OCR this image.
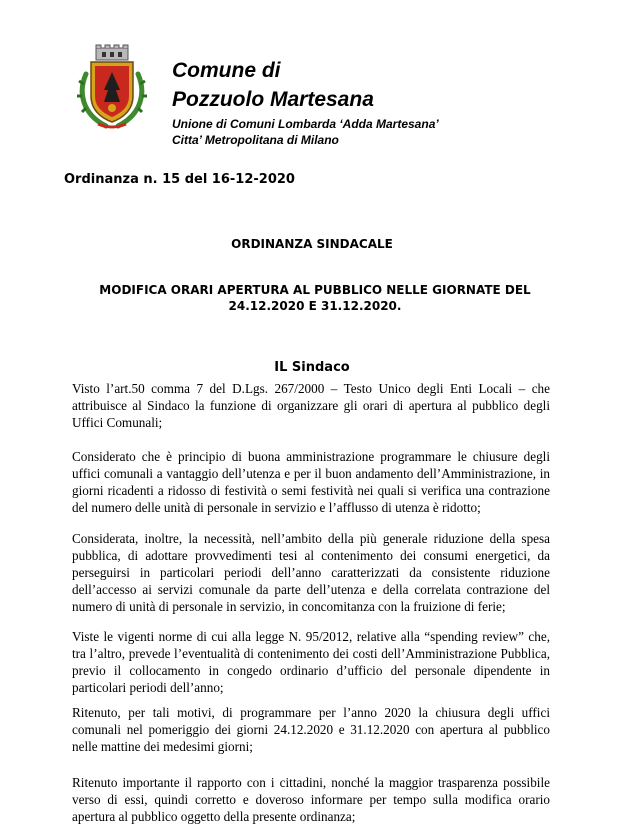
Comune di
Pozzuolo Martesana
Unione di Comuni Lombarda ‘Adda Martesana’
Citta’ Metropolitana di Milano
Ordinanza n. 15 del 16-12-2020
ORDINANZA SINDACALE
MODIFICA ORARI APERTURA AL PUBBLICO NELLE GIORNATE DEL
24.12.2020 E 31.12.2020.
IL Sindaco

Visto l’art.50 comma 7 del D.Lgs. 267/2000 – Testo Unico degli Enti Locali – che attribuisce al Sindaco la funzione di organizzare gli orari di apertura al pubblico degli Uffici Comunali;

Considerato che è principio di buona amministrazione programmare le chiusure degli uffici comunali a vantaggio dell’utenza e per il buon andamento dell’Amministrazione, in giorni ricadenti a ridosso di festività o semi festività nei quali si verifica una contrazione del numero delle unità di personale in servizio e l’afflusso di utenza è ridotto;

Considerata, inoltre, la necessità, nell’ambito della più generale riduzione della spesa pubblica, di adottare provvedimenti tesi al contenimento dei consumi energetici, da perseguirsi in particolari periodi dell’anno caratterizzati da consistente riduzione dell’accesso ai servizi comunale da parte dell’utenza e della correlata contrazione del numero di unità di personale in servizio, in concomitanza con la fruizione di ferie;

Viste le vigenti norme di cui alla legge N. 95/2012, relative alla “spending review” che, tra l’altro, prevede l’eventualità di contenimento dei costi dell’Amministrazione Pubblica, previo il collocamento in congedo ordinario d’ufficio del personale dipendente in particolari periodi dell’anno;

Ritenuto, per tali motivi, di programmare per l’anno 2020 la chiusura degli uffici comunali nel pomeriggio dei giorni 24.12.2020 e 31.12.2020 con apertura al pubblico nelle mattine dei medesimi giorni;

Ritenuto importante il rapporto con i cittadini, nonché la maggior trasparenza possibile verso di essi, quindi corretto e doveroso informare per tempo sulla modifica orario apertura al pubblico oggetto della presente ordinanza;
